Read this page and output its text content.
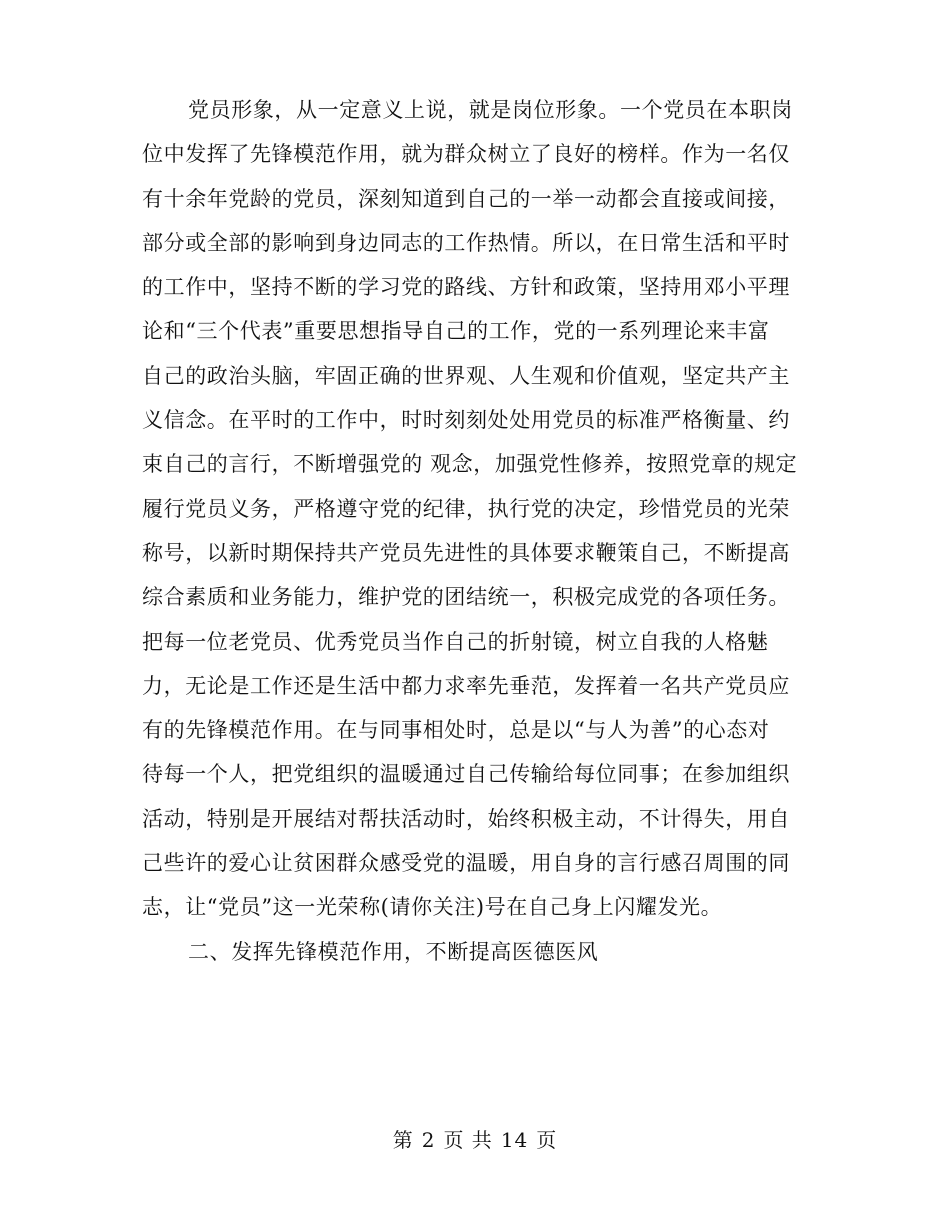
党员形象，从一定意义上说，就是岗位形象。一个党员在本职岗
位中发挥了先锋模范作用，就为群众树立了良好的榜样。作为一名仅
有十余年党龄的党员，深刻知道到自己的一举一动都会直接或间接，
部分或全部的影响到身边同志的工作热情。所以，在日常生活和平时
的工作中，坚持不断的学习党的路线、方针和政策，坚持用邓小平理
论和“三个代表”重要思想指导自己的工作，党的一系列理论来丰富
自己的政治头脑，牢固正确的世界观、人生观和价值观，坚定共产主
义信念。在平时的工作中，时时刻刻处处用党员的标准严格衡量、约
束自己的言行，不断增强党的 观念，加强党性修养，按照党章的规定
履行党员义务，严格遵守党的纪律，执行党的决定，珍惜党员的光荣
称号，以新时期保持共产党员先进性的具体要求鞭策自己，不断提高
综合素质和业务能力，维护党的团结统一，积极完成党的各项任务。
把每一位老党员、优秀党员当作自己的折射镜，树立自我的人格魅
力，无论是工作还是生活中都力求率先垂范，发挥着一名共产党员应
有的先锋模范作用。在与同事相处时，总是以“与人为善”的心态对
待每一个人，把党组织的温暖通过自己传输给每位同事；在参加组织
活动，特别是开展结对帮扶活动时，始终积极主动，不计得失，用自
己些许的爱心让贫困群众感受党的温暖，用自身的言行感召周围的同
志，让“党员”这一光荣称(请你关注)号在自己身上闪耀发光。
二、发挥先锋模范作用，不断提高医德医风
第 2 页 共 14 页
